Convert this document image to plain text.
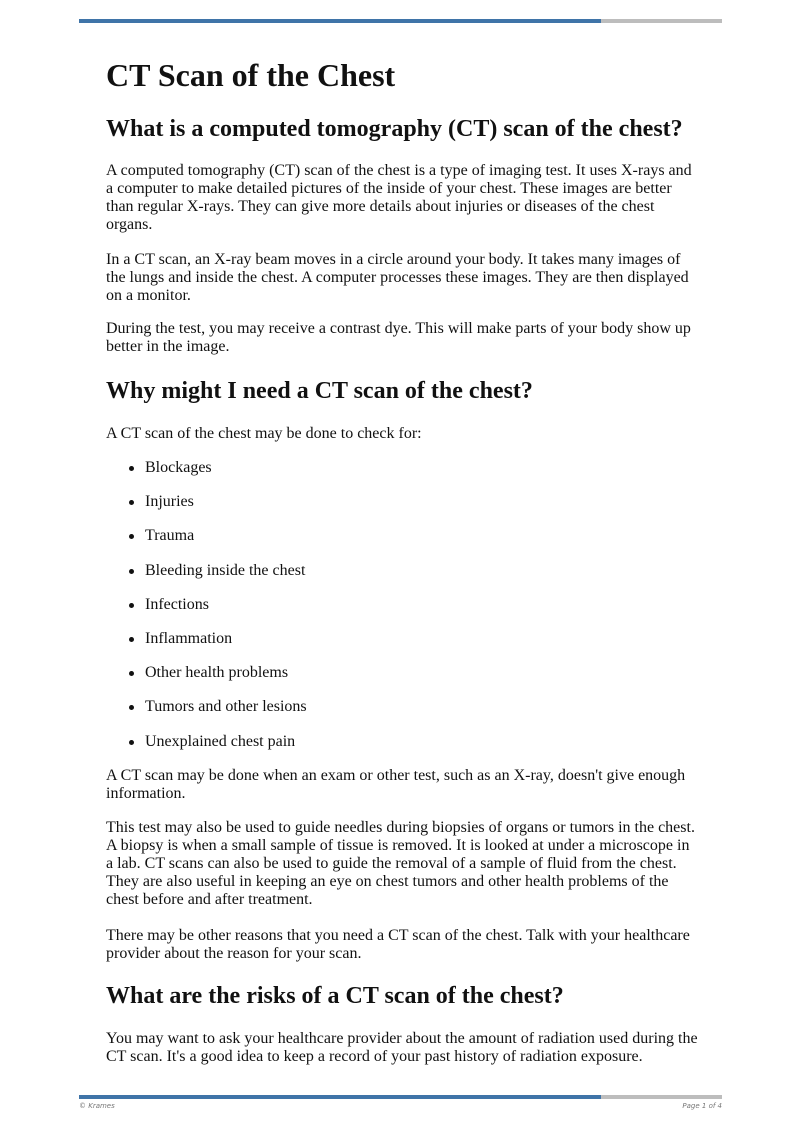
CT Scan of the Chest
What is a computed tomography (CT) scan of the chest?

A computed tomography (CT) scan of the chest is a type of imaging test. It uses X-rays and a computer to make detailed pictures of the inside of your chest. These images are better than regular X-rays. They can give more details about injuries or diseases of the chest organs.

In a CT scan, an X-ray beam moves in a circle around your body. It takes many images of the lungs and inside the chest. A computer processes these images. They are then displayed on a monitor.

During the test, you may receive a contrast dye. This will make parts of your body show up better in the image.

Why might I need a CT scan of the chest?

A CT scan of the chest may be done to check for:

Blockages
Injuries
Trauma
Bleeding inside the chest
Infections
Inflammation
Other health problems
Tumors and other lesions
Unexplained chest pain

A CT scan may be done when an exam or other test, such as an X-ray, doesn't give enough information.

This test may also be used to guide needles during biopsies of organs or tumors in the chest. A biopsy is when a small sample of tissue is removed. It is looked at under a microscope in a lab. CT scans can also be used to guide the removal of a sample of fluid from the chest. They are also useful in keeping an eye on chest tumors and other health problems of the chest before and after treatment.

There may be other reasons that you need a CT scan of the chest. Talk with your healthcare provider about the reason for your scan.

What are the risks of a CT scan of the chest?

You may want to ask your healthcare provider about the amount of radiation used during the CT scan. It's a good idea to keep a record of your past history of radiation exposure.

© Krames	Page 1 of 4
